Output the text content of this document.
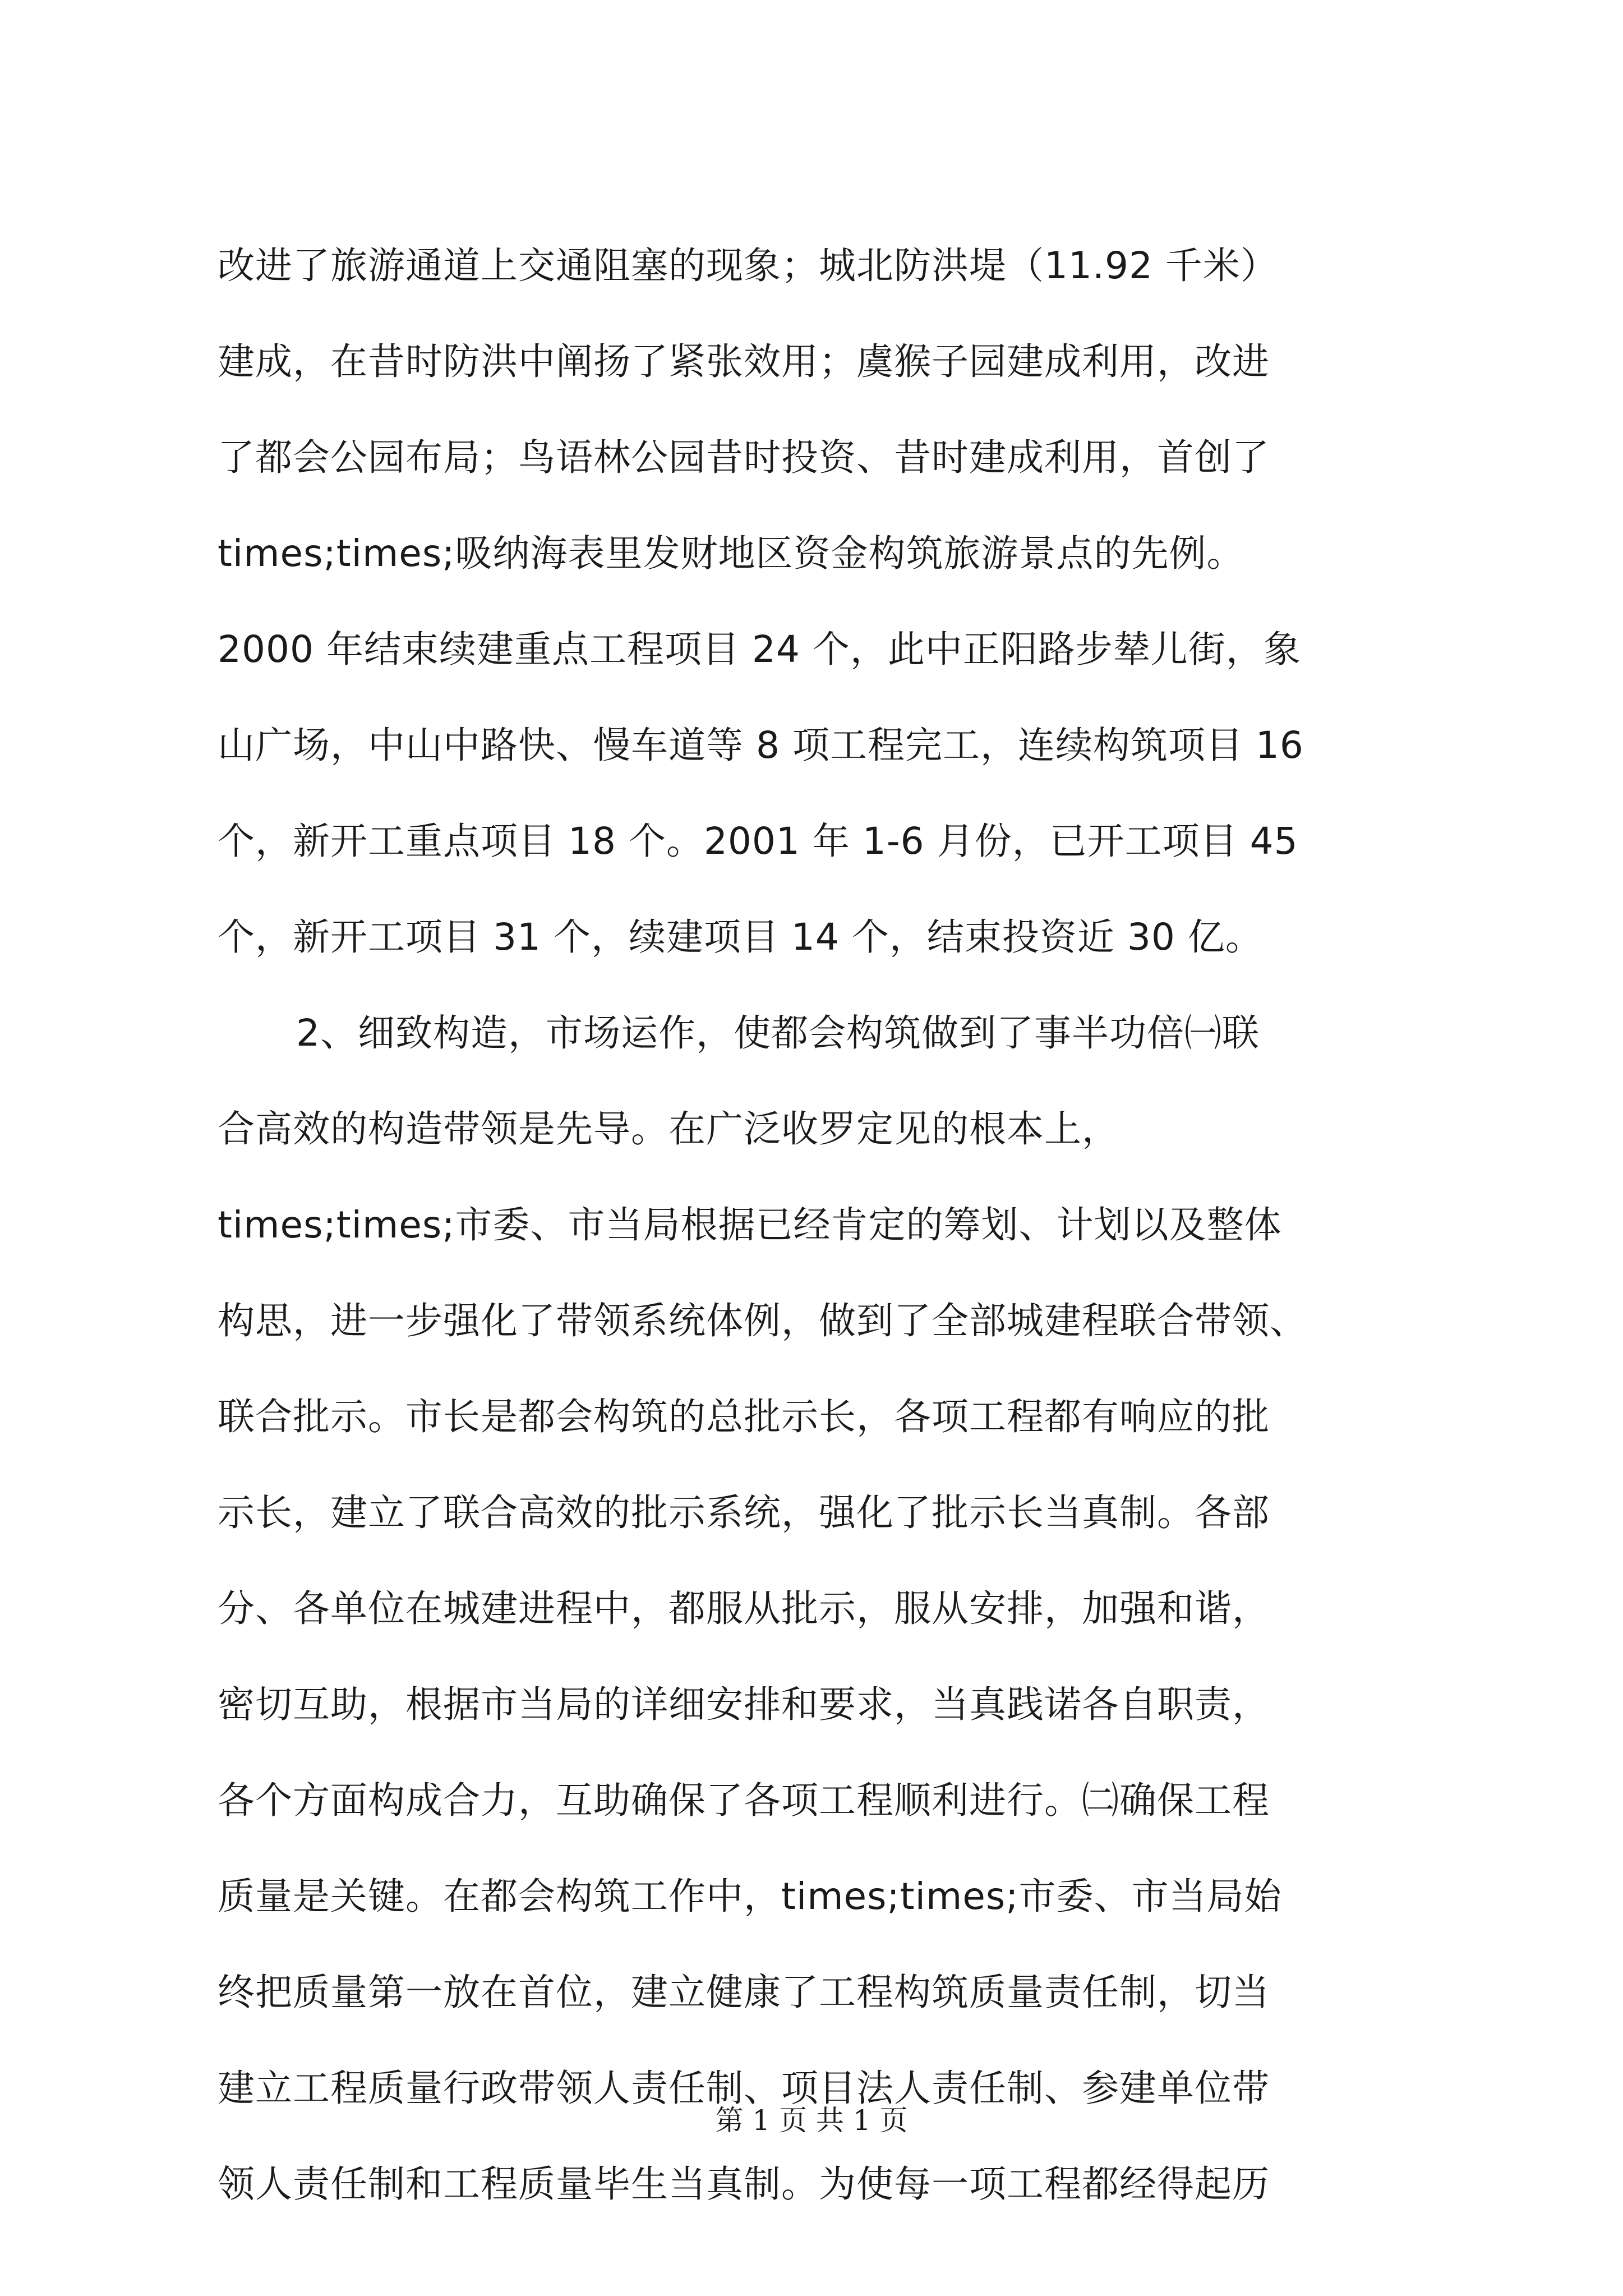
改进了旅游通道上交通阻塞的现象；城北防洪堤（11.92 千米）
建成，在昔时防洪中阐扬了紧张效用；虞猴子园建成利用，改进
了都会公园布局；鸟语林公园昔时投资、昔时建成利用，首创了
times;times;吸纳海表里发财地区资金构筑旅游景点的先例。
2000 年结束续建重点工程项目 24 个，此中正阳路步辇儿街，象
山广场，中山中路快、慢车道等 8 项工程完工，连续构筑项目 16
个，新开工重点项目 18 个。2001 年 1-6 月份，已开工项目 45
个，新开工项目 31 个，续建项目 14 个，结束投资近 30 亿。
2、细致构造，市场运作，使都会构筑做到了事半功倍㈠联
合高效的构造带领是先导。在广泛收罗定见的根本上，
times;times;市委、市当局根据已经肯定的筹划、计划以及整体
构思，进一步强化了带领系统体例，做到了全部城建程联合带领、
联合批示。市长是都会构筑的总批示长，各项工程都有响应的批
示长，建立了联合高效的批示系统，强化了批示长当真制。各部
分、各单位在城建进程中，都服从批示，服从安排，加强和谐，
密切互助，根据市当局的详细安排和要求，当真践诺各自职责，
各个方面构成合力，互助确保了各项工程顺利进行。㈡确保工程
质量是关键。在都会构筑工作中，times;times;市委、市当局始
终把质量第一放在首位，建立健康了工程构筑质量责任制，切当
建立工程质量行政带领人责任制、项目法人责任制、参建单位带
领人责任制和工程质量毕生当真制。为使每一项工程都经得起历
第 1 页 共 1 页
